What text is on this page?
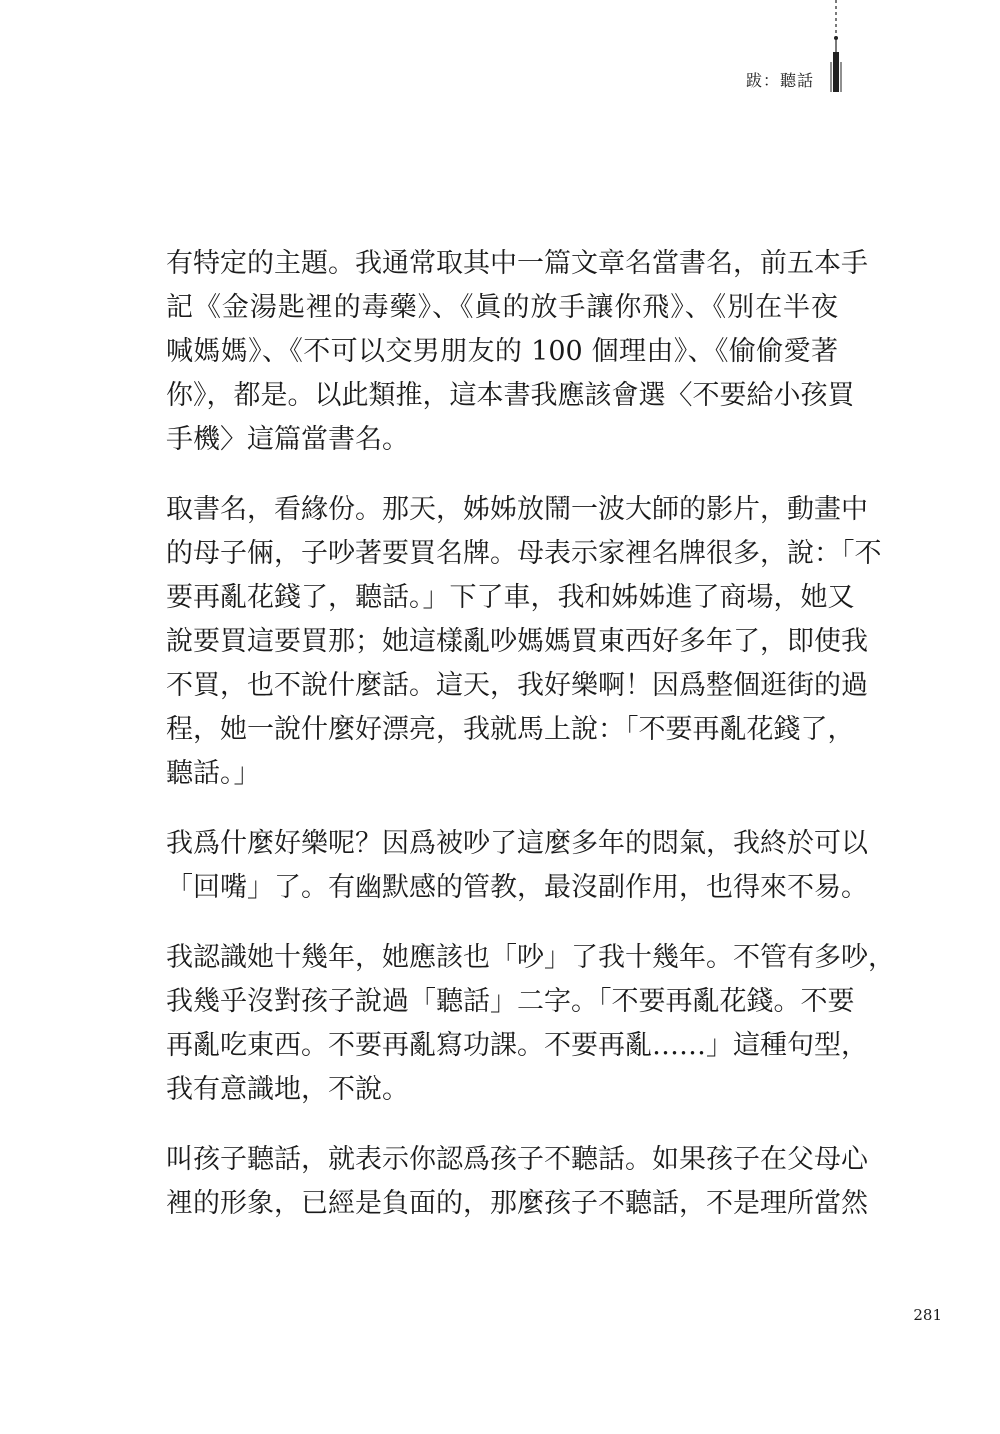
跋：聽話
有特定的主題。我通常取其中一篇文章名當書名，前五本手
記《金湯匙裡的毒藥》、《眞的放手讓你飛》、《別在半夜
喊媽媽》、《不可以交男朋友的 100 個理由》、《偷偷愛著
你》，都是。以此類推，這本書我應該會選〈不要給小孩買
手機〉這篇當書名。
取書名，看緣份。那天，姊姊放鬧一波大師的影片，動畫中
的母子倆，子吵著要買名牌。母表示家裡名牌很多，說：「不
要再亂花錢了，聽話。」下了車，我和姊姊進了商場，她又
說要買這要買那；她這樣亂吵媽媽買東西好多年了，即使我
不買，也不說什麼話。這天，我好樂啊！因爲整個逛街的過
程，她一說什麼好漂亮，我就馬上說：「不要再亂花錢了，
聽話。」
我爲什麼好樂呢？因爲被吵了這麼多年的悶氣，我終於可以
「回嘴」了。有幽默感的管教，最沒副作用，也得來不易。
我認識她十幾年，她應該也「吵」了我十幾年。不管有多吵，
我幾乎沒對孩子說過「聽話」二字。「不要再亂花錢。不要
再亂吃東西。不要再亂寫功課。不要再亂……」這種句型，
我有意識地，不說。
叫孩子聽話，就表示你認爲孩子不聽話。如果孩子在父母心
裡的形象，已經是負面的，那麼孩子不聽話，不是理所當然
281
